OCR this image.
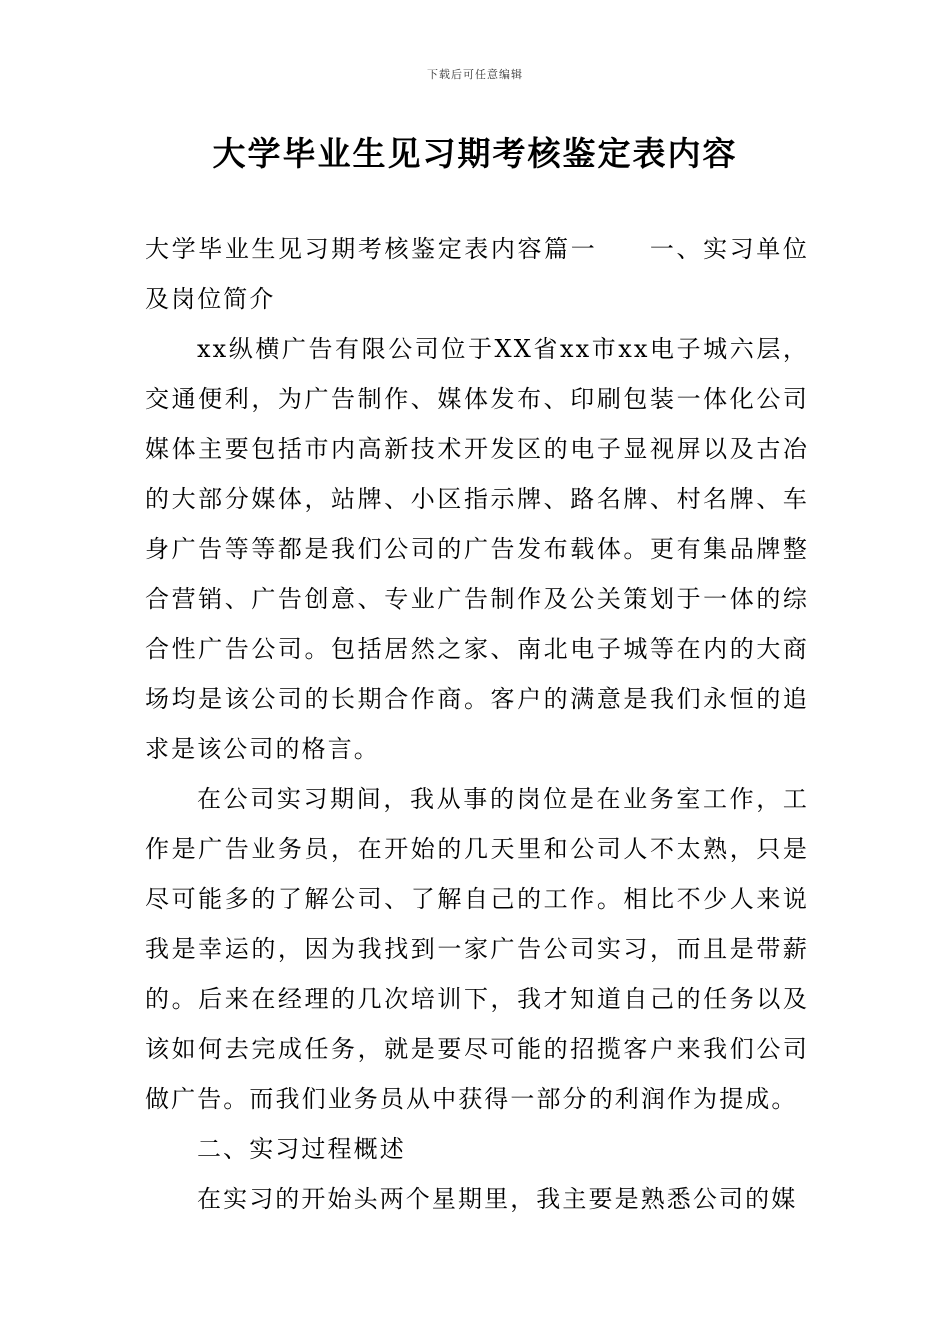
下载后可任意编辑
大学毕业生见习期考核鉴定表内容

大学毕业生见习期考核鉴定表内容篇一 一、实习单位及岗位简介

xx纵横广告有限公司位于XX省xx市xx电子城六层，交通便利，为广告制作、媒体发布、印刷包装一体化公司媒体主要包括市内高新技术开发区的电子显视屏以及古冶的大部分媒体，站牌、小区指示牌、路名牌、村名牌、车身广告等等都是我们公司的广告发布载体。更有集品牌整合营销、广告创意、专业广告制作及公关策划于一体的综合性广告公司。包括居然之家、南北电子城等在内的大商场均是该公司的长期合作商。客户的满意是我们永恒的追求是该公司的格言。

在公司实习期间，我从事的岗位是在业务室工作，工作是广告业务员，在开始的几天里和公司人不太熟，只是尽可能多的了解公司、了解自己的工作。相比不少人来说我是幸运的，因为我找到一家广告公司实习，而且是带薪的。后来在经理的几次培训下，我才知道自己的任务以及该如何去完成任务，就是要尽可能的招揽客户来我们公司做广告。而我们业务员从中获得一部分的利润作为提成。

二、实习过程概述

在实习的开始头两个星期里，我主要是熟悉公司的媒
